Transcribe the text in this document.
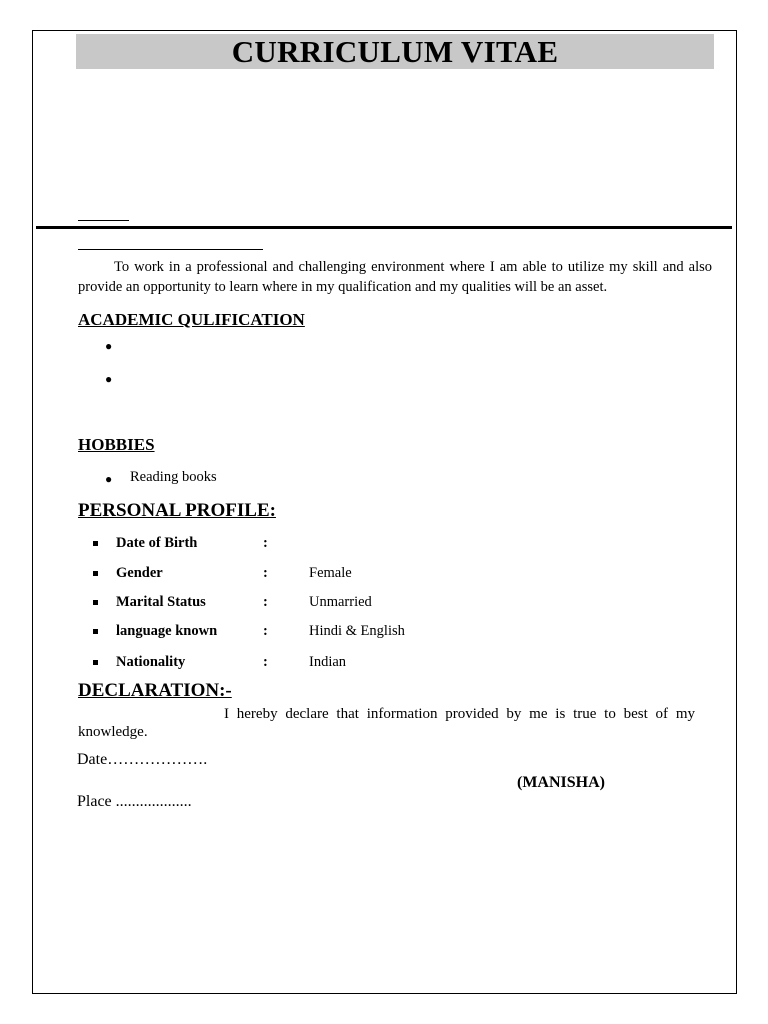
CURRICULUM VITAE
To work in a professional and challenging environment where I am able to utilize my skill and also provide an opportunity to learn where in my qualification and my qualities will be an asset.
ACADEMIC QULIFICATION
●
●
HOBBIES
● Reading books
PERSONAL PROFILE:
Date of Birth	:
Gender	:	Female
Marital Status	:	Unmarried
language known	:	Hindi & English
Nationality	:	Indian
DECLARATION:-
I hereby declare that information provided by me is true to best of my knowledge.
Date……………….
(MANISHA)
Place ...................
